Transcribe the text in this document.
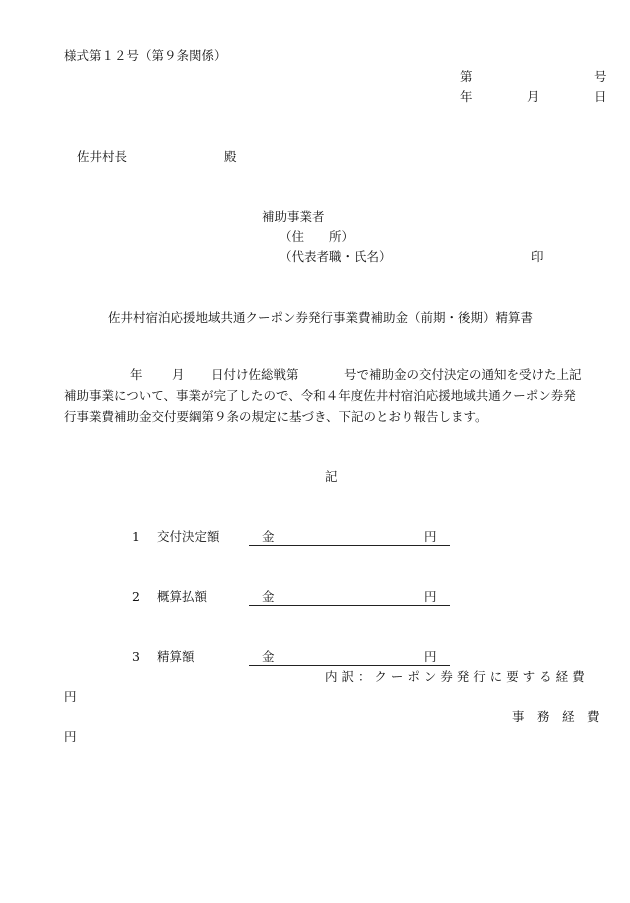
様式第１２号（第９条関係）
第	号
年	月	日
佐井村長	殿
補助事業者
（住　　所）
（代表者職・氏名）	印
佐井村宿泊応援地域共通クーポン券発行事業費補助金（前期・後期）精算書
年 月 日付け佐総戦第	号で補助金の交付決定の通知を受けた上記
補助事業について、事業が完了したので、令和４年度佐井村宿泊応援地域共通クーポン券発
行事業費補助金交付要綱第９条の規定に基づき、下記のとおり報告します。
記
1 交付決定額	金	円
2 概算払額	金	円
3 精算額	金	円
内 訳 ： ク ー ポ ン 券 発 行 に 要 す る 経 費
円
事　務　経　費
円
